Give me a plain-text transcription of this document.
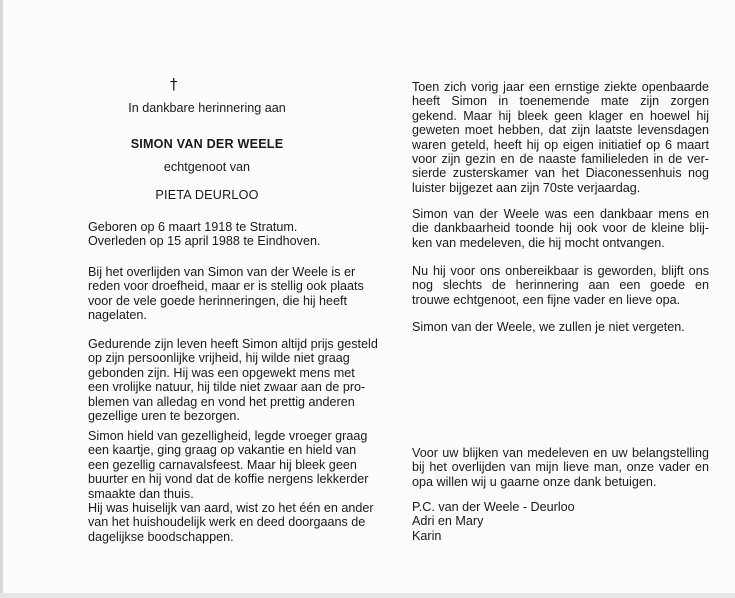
†
In dankbare herinnering aan
SIMON VAN DER WEELE
echtgenoot van
PIETA DEURLOO
Geboren op 6 maart 1918 te Stratum.
Overleden op 15 april 1988 te Eindhoven.
Bij het overlijden van Simon van der Weele is er
reden voor droefheid, maar er is stellig ook plaats
voor de vele goede herinneringen, die hij heeft
nagelaten.
Gedurende zijn leven heeft Simon altijd prijs gesteld
op zijn persoonlijke vrijheid, hij wilde niet graag
gebonden zijn. Hij was een opgewekt mens met
een vrolijke natuur, hij tilde niet zwaar aan de pro-
blemen van alledag en vond het prettig anderen
gezellige uren te bezorgen.
Simon hield van gezelligheid, legde vroeger graag
een kaartje, ging graag op vakantie en hield van
een gezellig carnavalsfeest. Maar hij bleek geen
buurter en hij vond dat de koffie nergens lekkerder
smaakte dan thuis.
Hij was huiselijk van aard, wist zo het één en ander
van het huishoudelijk werk en deed doorgaans de
dagelijkse boodschappen.
Toen zich vorig jaar een ernstige ziekte openbaarde
heeft Simon in toenemende mate zijn zorgen
gekend. Maar hij bleek geen klager en hoewel hij
geweten moet hebben, dat zijn laatste levensdagen
waren geteld, heeft hij op eigen initiatief op 6 maart
voor zijn gezin en de naaste familieleden in de ver-
sierde zusterskamer van het Diaconessenhuis nog
luister bijgezet aan zijn 70ste verjaardag.
Simon van der Weele was een dankbaar mens en
die dankbaarheid toonde hij ook voor de kleine blij-
ken van medeleven, die hij mocht ontvangen.
Nu hij voor ons onbereikbaar is geworden, blijft ons
nog slechts de herinnering aan een goede en
trouwe echtgenoot, een fijne vader en lieve opa.
Simon van der Weele, we zullen je niet vergeten.
Voor uw blijken van medeleven en uw belangstelling
bij het overlijden van mijn lieve man, onze vader en
opa willen wij u gaarne onze dank betuigen.
P.C. van der Weele - Deurloo
Adri en Mary
Karin
